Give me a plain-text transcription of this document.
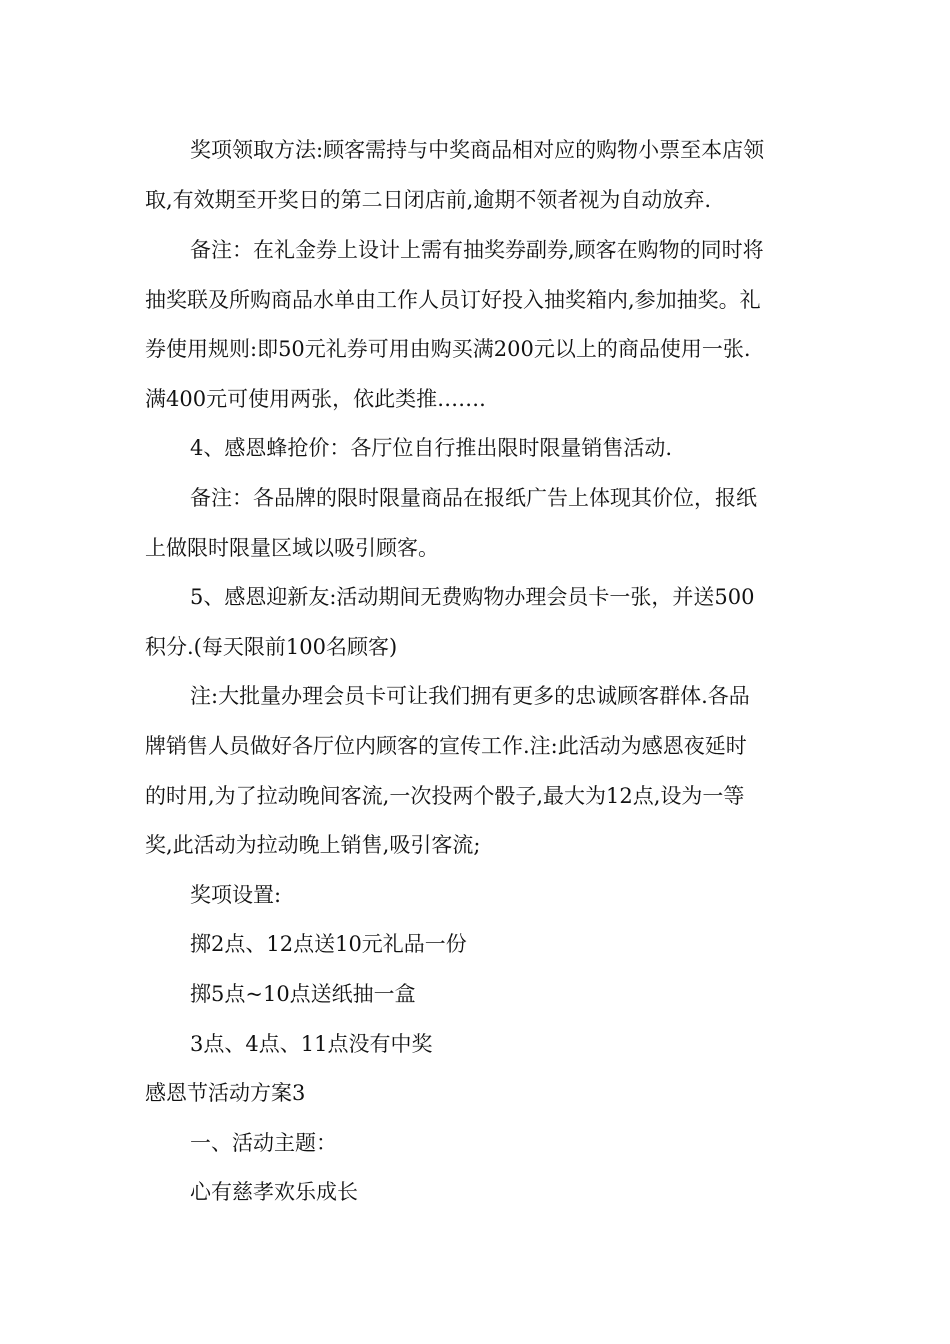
奖项领取方法:顾客需持与中奖商品相对应的购物小票至本店领
取,有效期至开奖日的第二日闭店前,逾期不领者视为自动放弃.
备注：在礼金券上设计上需有抽奖券副券,顾客在购物的同时将
抽奖联及所购商品水单由工作人员订好投入抽奖箱内,参加抽奖。礼
券使用规则:即50元礼券可用由购买满200元以上的商品使用一张.
满400元可使用两张，依此类推…….
4、感恩蜂抢价：各厅位自行推出限时限量销售活动.
备注：各品牌的限时限量商品在报纸广告上体现其价位，报纸
上做限时限量区域以吸引顾客。
5、感恩迎新友:活动期间无费购物办理会员卡一张，并送500
积分.(每天限前100名顾客)
注:大批量办理会员卡可让我们拥有更多的忠诚顾客群体.各品
牌销售人员做好各厅位内顾客的宣传工作.注:此活动为感恩夜延时
的时用,为了拉动晚间客流,一次投两个骰子,最大为12点,设为一等
奖,此活动为拉动晚上销售,吸引客流;
奖项设置:
掷2点、12点送10元礼品一份
掷5点~10点送纸抽一盒
3点、4点、11点没有中奖
感恩节活动方案3
一、活动主题：
心有慈孝欢乐成长
